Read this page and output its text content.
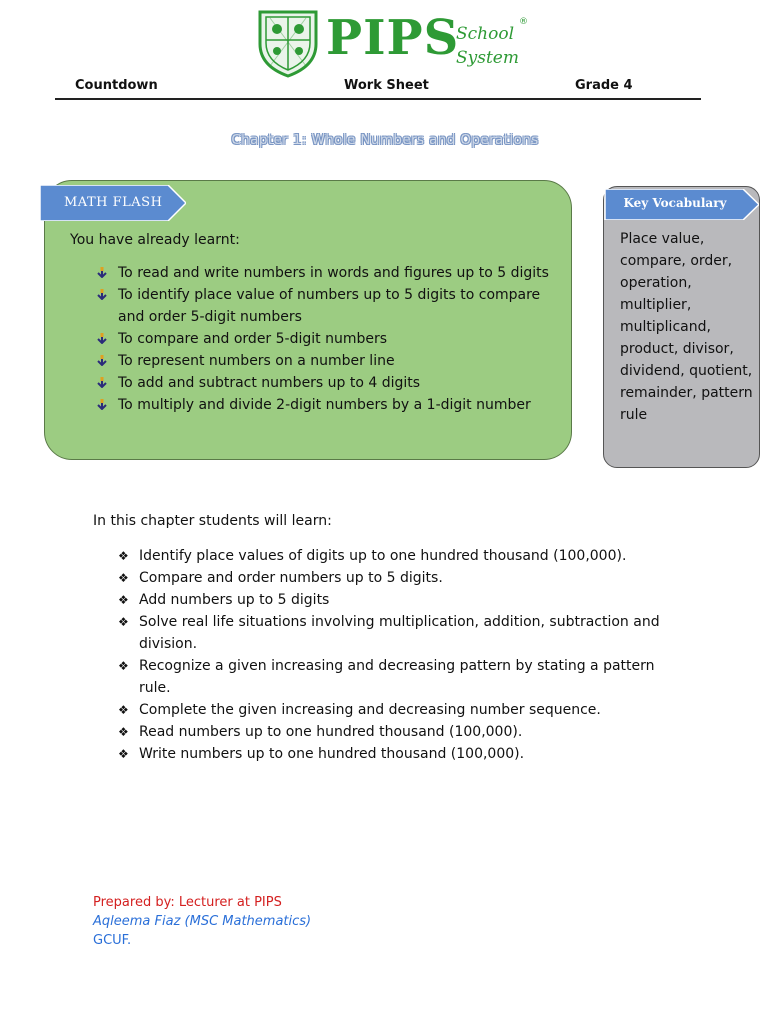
PIPS
School
System
®
Countdown	Work Sheet	Grade 4
Chapter 1: Whole Numbers and Operations
MATH FLASH
You have already learnt:
To read and write numbers in words and figures up to 5 digits
To identify place value of numbers up to 5 digits to compare and order 5-digit numbers
To compare and order 5-digit numbers
To represent numbers on a number line
To add and subtract numbers up to 4 digits
To multiply and divide 2-digit numbers by a 1-digit number
Key Vocabulary
Place value, compare, order, operation, multiplier, multiplicand, product, divisor, dividend, quotient, remainder, pattern rule
In this chapter students will learn:
❖ Identify place values of digits up to one hundred thousand (100,000).
❖ Compare and order numbers up to 5 digits.
❖ Add numbers up to 5 digits
❖ Solve real life situations involving multiplication, addition, subtraction and division.
❖ Recognize a given increasing and decreasing pattern by stating a pattern rule.
❖ Complete the given increasing and decreasing number sequence.
❖ Read numbers up to one hundred thousand (100,000).
❖ Write numbers up to one hundred thousand (100,000).
Prepared by: Lecturer at PIPS
Aqleema Fiaz (MSC Mathematics)
GCUF.
